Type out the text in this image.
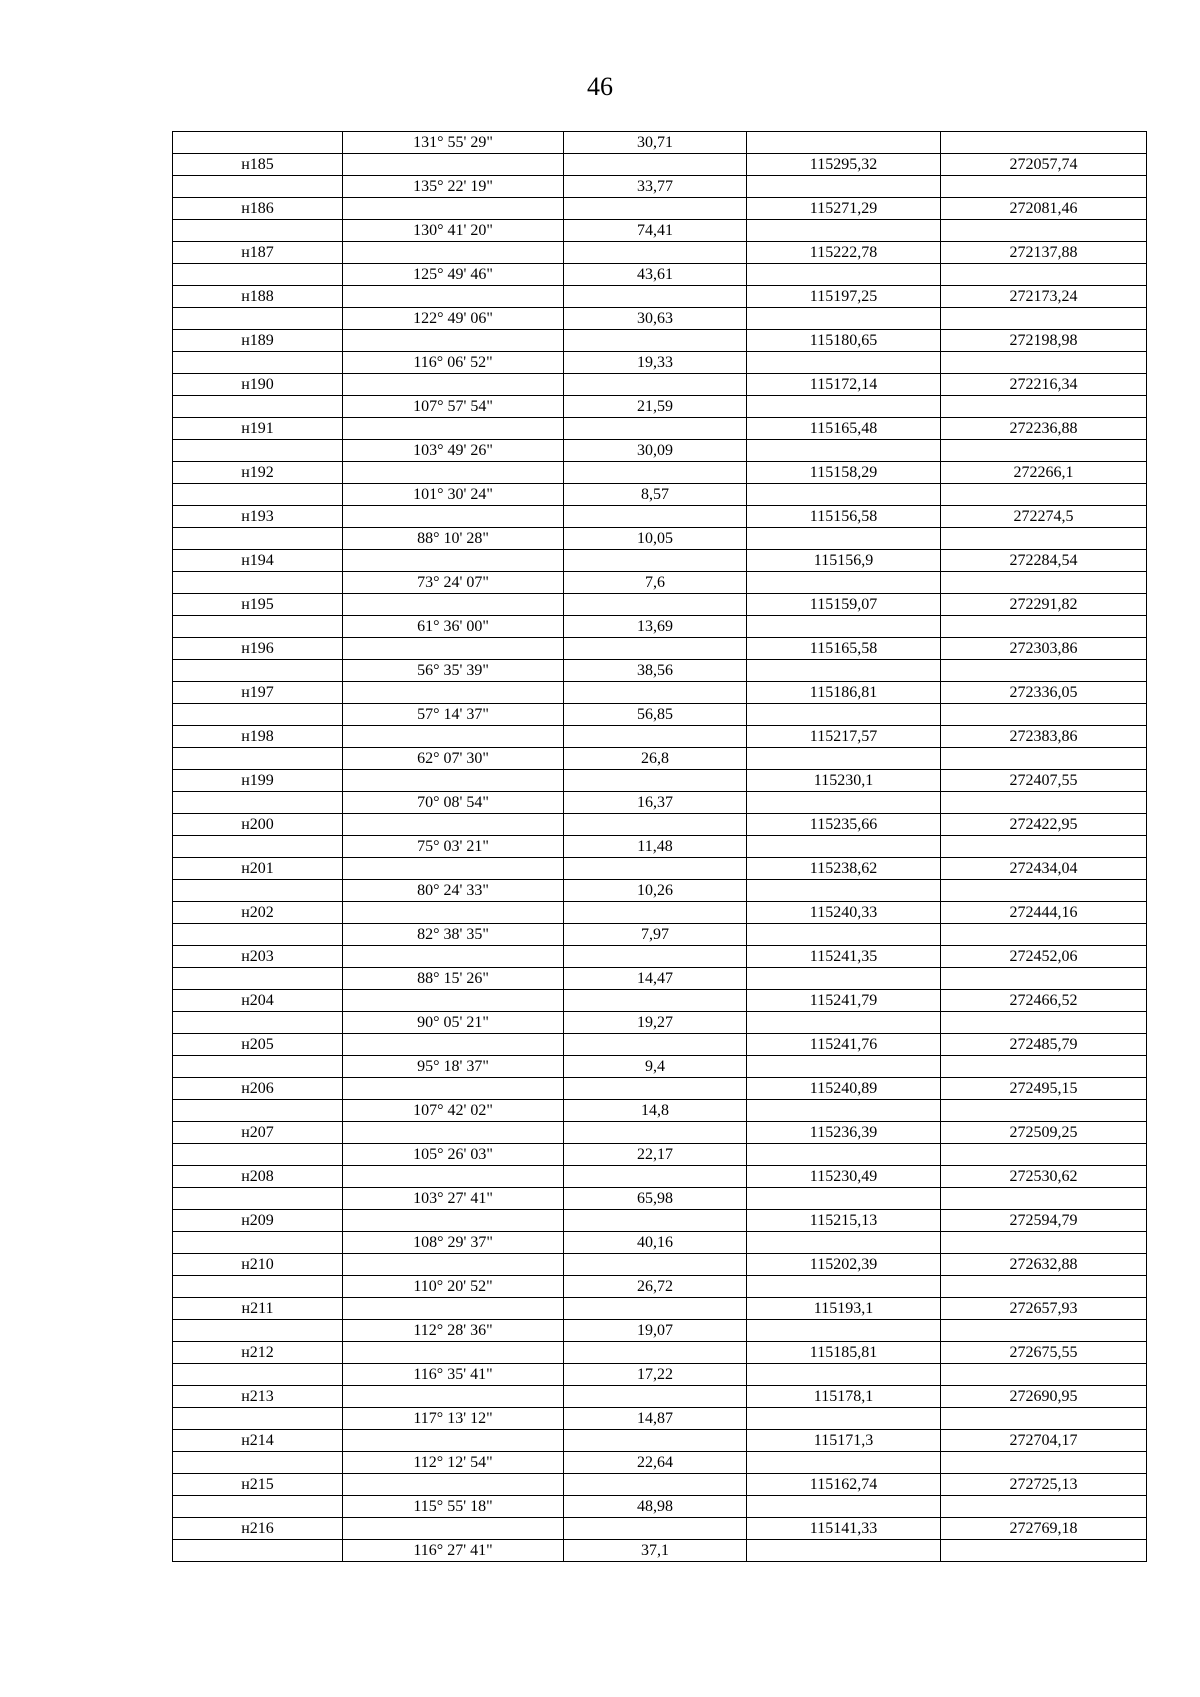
46
	131° 55' 29"	30,71		
н185			115295,32	272057,74
	135° 22' 19"	33,77		
н186			115271,29	272081,46
	130° 41' 20"	74,41		
н187			115222,78	272137,88
	125° 49' 46"	43,61		
н188			115197,25	272173,24
	122° 49' 06"	30,63		
н189			115180,65	272198,98
	116° 06' 52"	19,33		
н190			115172,14	272216,34
	107° 57' 54"	21,59		
н191			115165,48	272236,88
	103° 49' 26"	30,09		
н192			115158,29	272266,1
	101° 30' 24"	8,57		
н193			115156,58	272274,5
	88° 10' 28"	10,05		
н194			115156,9	272284,54
	73° 24' 07"	7,6		
н195			115159,07	272291,82
	61° 36' 00"	13,69		
н196			115165,58	272303,86
	56° 35' 39"	38,56		
н197			115186,81	272336,05
	57° 14' 37"	56,85		
н198			115217,57	272383,86
	62° 07' 30"	26,8		
н199			115230,1	272407,55
	70° 08' 54"	16,37		
н200			115235,66	272422,95
	75° 03' 21"	11,48		
н201			115238,62	272434,04
	80° 24' 33"	10,26		
н202			115240,33	272444,16
	82° 38' 35"	7,97		
н203			115241,35	272452,06
	88° 15' 26"	14,47		
н204			115241,79	272466,52
	90° 05' 21"	19,27		
н205			115241,76	272485,79
	95° 18' 37"	9,4		
н206			115240,89	272495,15
	107° 42' 02"	14,8		
н207			115236,39	272509,25
	105° 26' 03"	22,17		
н208			115230,49	272530,62
	103° 27' 41"	65,98		
н209			115215,13	272594,79
	108° 29' 37"	40,16		
н210			115202,39	272632,88
	110° 20' 52"	26,72		
н211			115193,1	272657,93
	112° 28' 36"	19,07		
н212			115185,81	272675,55
	116° 35' 41"	17,22		
н213			115178,1	272690,95
	117° 13' 12"	14,87		
н214			115171,3	272704,17
	112° 12' 54"	22,64		
н215			115162,74	272725,13
	115° 55' 18"	48,98		
н216			115141,33	272769,18
	116° 27' 41"	37,1		
